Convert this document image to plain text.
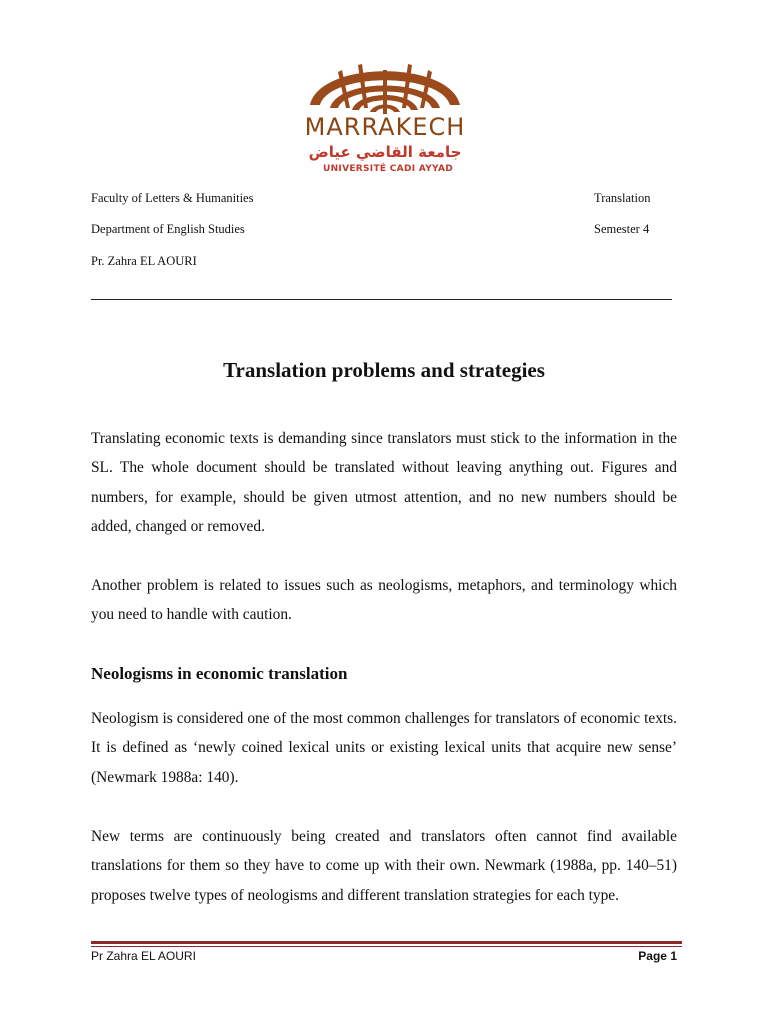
MARRAKECH
جامعة القاضي عياض
UNIVERSITÉ CADI AYYAD
Faculty of Letters & Humanities
Department of English Studies
Pr. Zahra EL AOURI
Translation
Semester 4
Translation problems and strategies

Translating economic texts is demanding since translators must stick to the information in the SL. The whole document should be translated without leaving anything out. Figures and numbers, for example, should be given utmost attention, and no new numbers should be added, changed or removed.

Another problem is related to issues such as neologisms, metaphors, and terminology which you need to handle with caution.

Neologisms in economic translation

Neologism is considered one of the most common challenges for translators of economic texts. It is defined as ‘newly coined lexical units or existing lexical units that acquire new sense’ (Newmark 1988a: 140).

New terms are continuously being created and translators often cannot find available translations for them so they have to come up with their own. Newmark (1988a, pp. 140–51) proposes twelve types of neologisms and different translation strategies for each type.

Pr Zahra EL AOURI	Page 1
